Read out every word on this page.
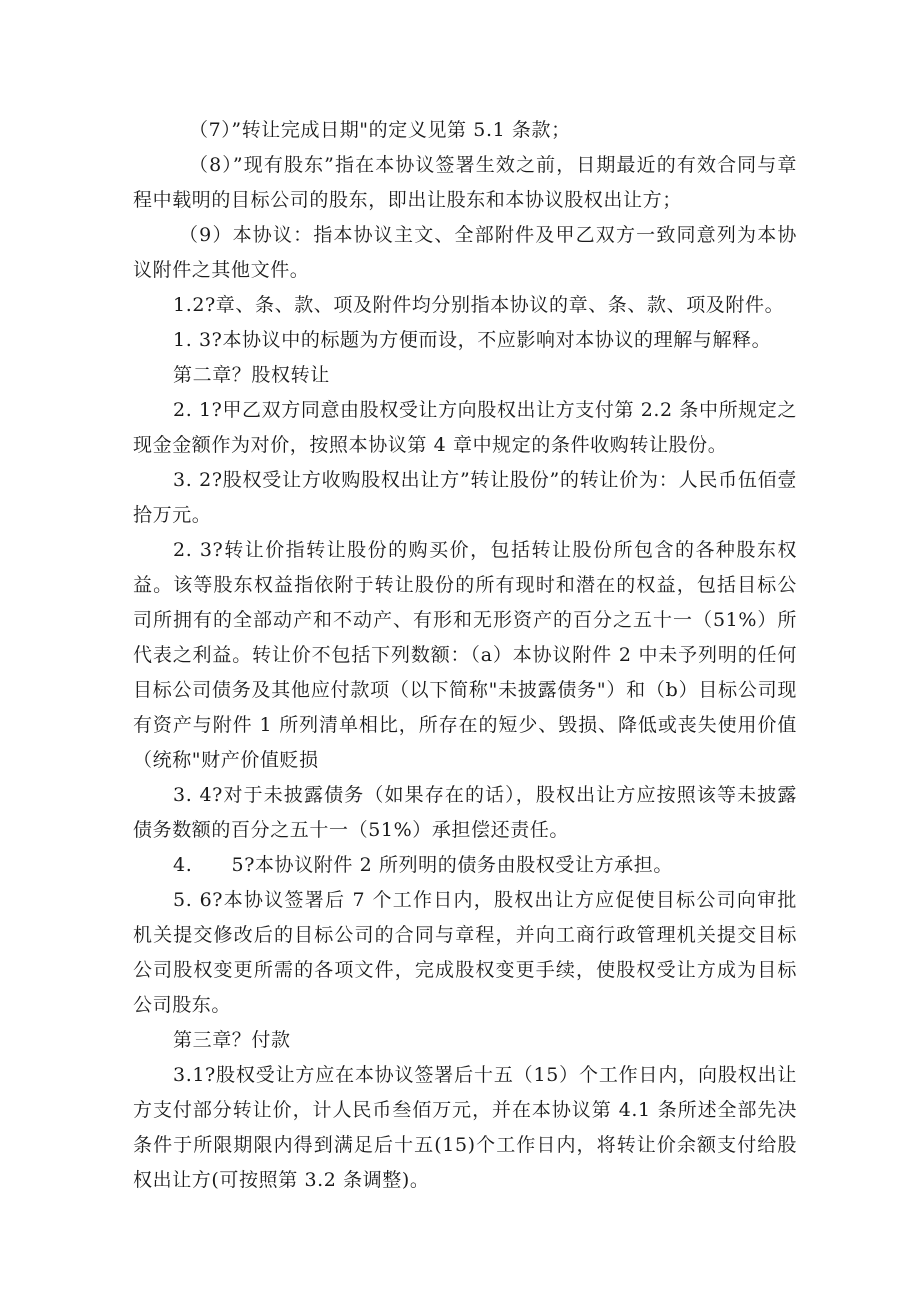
（7）”转让完成日期"的定义见第 5.1 条款；

（8）”现有股东”指在本协议签署生效之前，日期最近的有效合同与章程中载明的目标公司的股东，即出让股东和本协议股权出让方；

（9）本协议：指本协议主文、全部附件及甲乙双方一致同意列为本协议附件之其他文件。

1.2?章、条、款、项及附件均分别指本协议的章、条、款、项及附件。

1. 3?本协议中的标题为方便而设，不应影响对本协议的理解与解释。

第二章？股权转让

2. 1?甲乙双方同意由股权受让方向股权出让方支付第 2.2 条中所规定之现金金额作为对价，按照本协议第 4 章中规定的条件收购转让股份。

3. 2?股权受让方收购股权出让方”转让股份”的转让价为：人民币伍佰壹拾万元。

2. 3?转让价指转让股份的购买价，包括转让股份所包含的各种股东权益。该等股东权益指依附于转让股份的所有现时和潜在的权益，包括目标公司所拥有的全部动产和不动产、有形和无形资产的百分之五十一（51%）所代表之利益。转让价不包括下列数额：（a）本协议附件 2 中未予列明的任何目标公司债务及其他应付款项（以下简称"未披露债务"）和（b）目标公司现有资产与附件 1 所列清单相比，所存在的短少、毁损、降低或丧失使用价值（统称"财产价值贬损

3. 4?对于未披露债务（如果存在的话），股权出让方应按照该等未披露债务数额的百分之五十一（51%）承担偿还责任。

4.　　5?本协议附件 2 所列明的债务由股权受让方承担。

5. 6?本协议签署后 7 个工作日内，股权出让方应促使目标公司向审批机关提交修改后的目标公司的合同与章程，并向工商行政管理机关提交目标公司股权变更所需的各项文件，完成股权变更手续，使股权受让方成为目标公司股东。

第三章？付款

3.1?股权受让方应在本协议签署后十五（15）个工作日内，向股权出让方支付部分转让价，计人民币叁佰万元，并在本协议第 4.1 条所述全部先决条件于所限期限内得到满足后十五(15)个工作日内，将转让价余额支付给股权出让方(可按照第 3.2 条调整)。
